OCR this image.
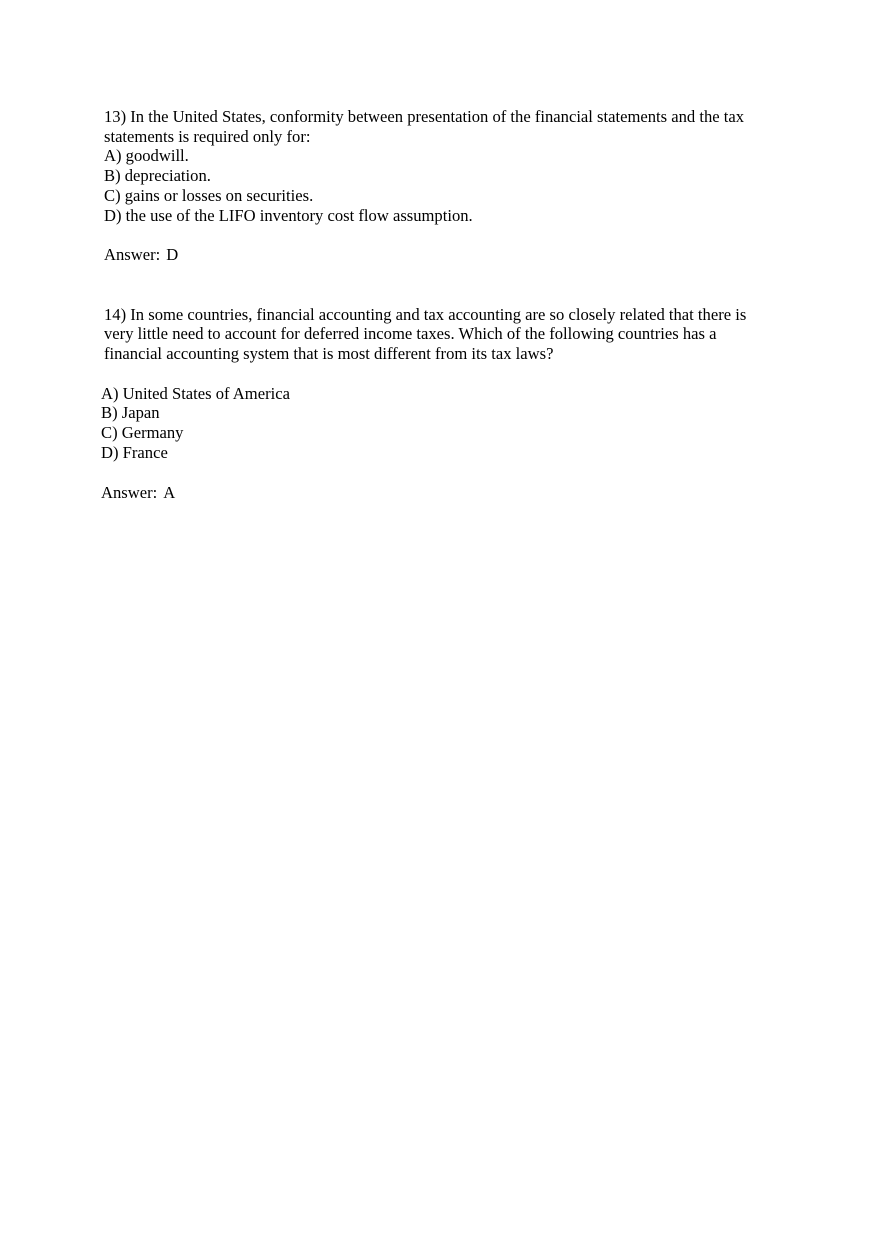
13) In the United States, conformity between presentation of the financial statements and the tax

statements is required only for:

A) goodwill.

B) depreciation.

C) gains or losses on securities.

D) the use of the LIFO inventory cost flow assumption.

Answer: D

14) In some countries, financial accounting and tax accounting are so closely related that there is

very little need to account for deferred income taxes. Which of the following countries has a

financial accounting system that is most different from its tax laws?

A) United States of America

B) Japan

C) Germany

D) France

Answer: A
